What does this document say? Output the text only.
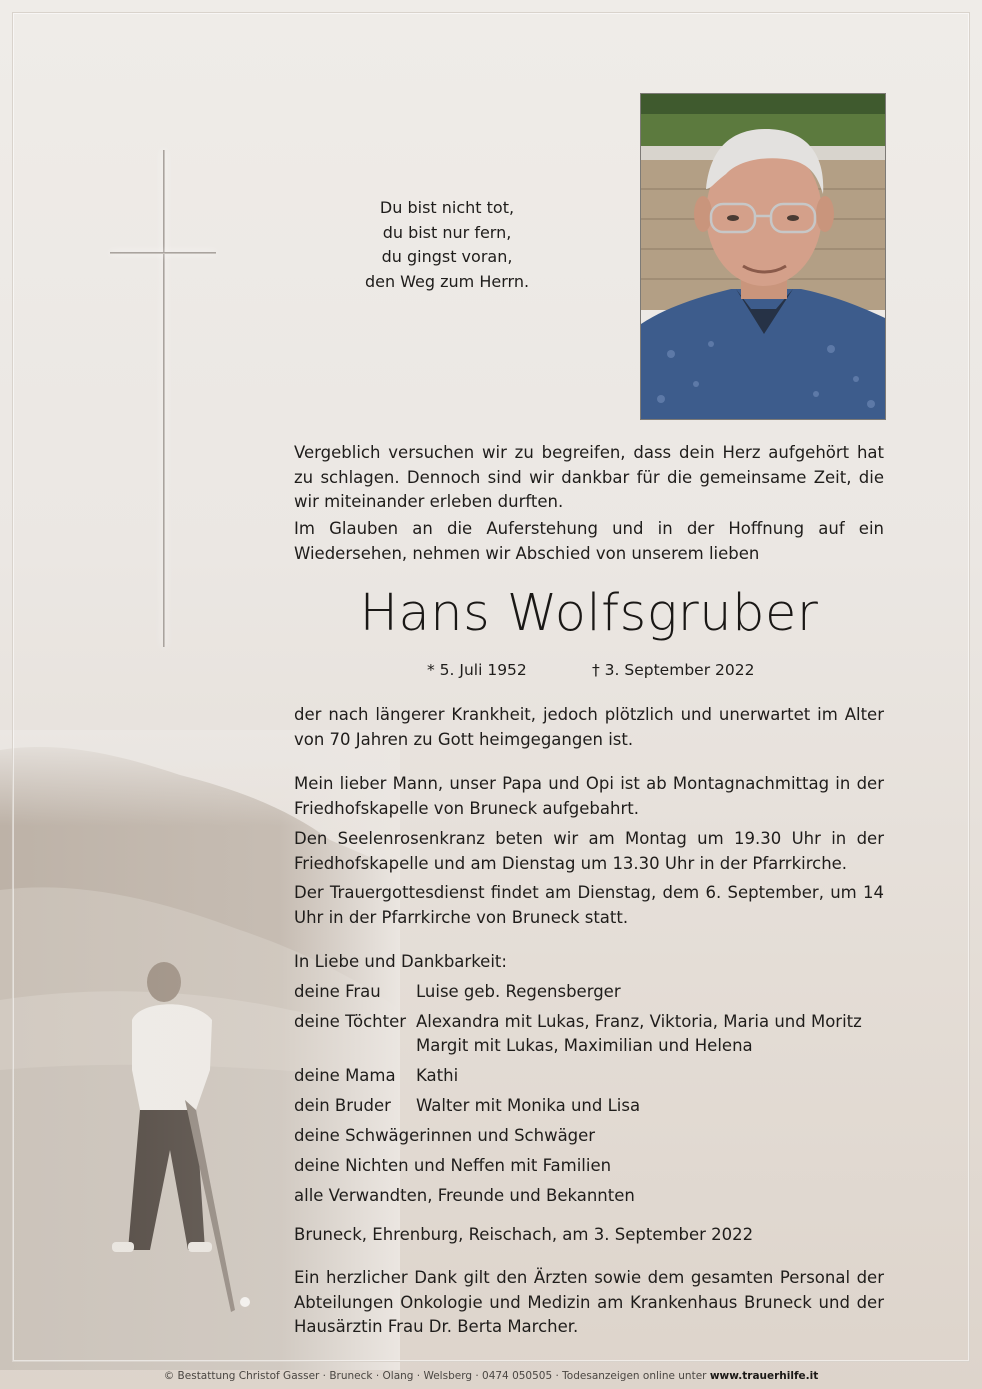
Du bist nicht tot,
du bist nur fern,
du gingst voran,
den Weg zum Herrn.
Vergeblich versuchen wir zu begreifen, dass dein Herz aufgehört hat zu schlagen. Dennoch sind wir dankbar für die gemeinsame Zeit, die wir miteinander erleben durften.
Im Glauben an die Auferstehung und in der Hoffnung auf ein Wiedersehen, nehmen wir Abschied von unserem lieben
Hans Wolfsgruber
* 5. Juli 1952	† 3. September 2022
der nach längerer Krankheit, jedoch plötzlich und unerwartet im Alter von 70 Jahren zu Gott heimgegangen ist.
Mein lieber Mann, unser Papa und Opi ist ab Montagnachmittag in der Friedhofskapelle von Bruneck aufgebahrt.
Den Seelenrosenkranz beten wir am Montag um 19.30 Uhr in der Friedhofskapelle und am Dienstag um 13.30 Uhr in der Pfarrkirche.
Der Trauergottesdienst findet am Dienstag, dem 6. September, um 14 Uhr in der Pfarrkirche von Bruneck statt.
In Liebe und Dankbarkeit:
deine Frau Luise geb. Regensberger
deine Töchter Alexandra mit Lukas, Franz, Viktoria, Maria und Moritz
Margit mit Lukas, Maximilian und Helena
deine Mama Kathi
dein Bruder Walter mit Monika und Lisa
deine Schwägerinnen und Schwäger
deine Nichten und Neffen mit Familien
alle Verwandten, Freunde und Bekannten
Bruneck, Ehrenburg, Reischach, am 3. September 2022
Ein herzlicher Dank gilt den Ärzten sowie dem gesamten Personal der Abteilungen Onkologie und Medizin am Krankenhaus Bruneck und der Hausärztin Frau Dr. Berta Marcher.
© Bestattung Christof Gasser · Bruneck · Olang · Welsberg · 0474 050505 · Todesanzeigen online unter www.trauerhilfe.it
